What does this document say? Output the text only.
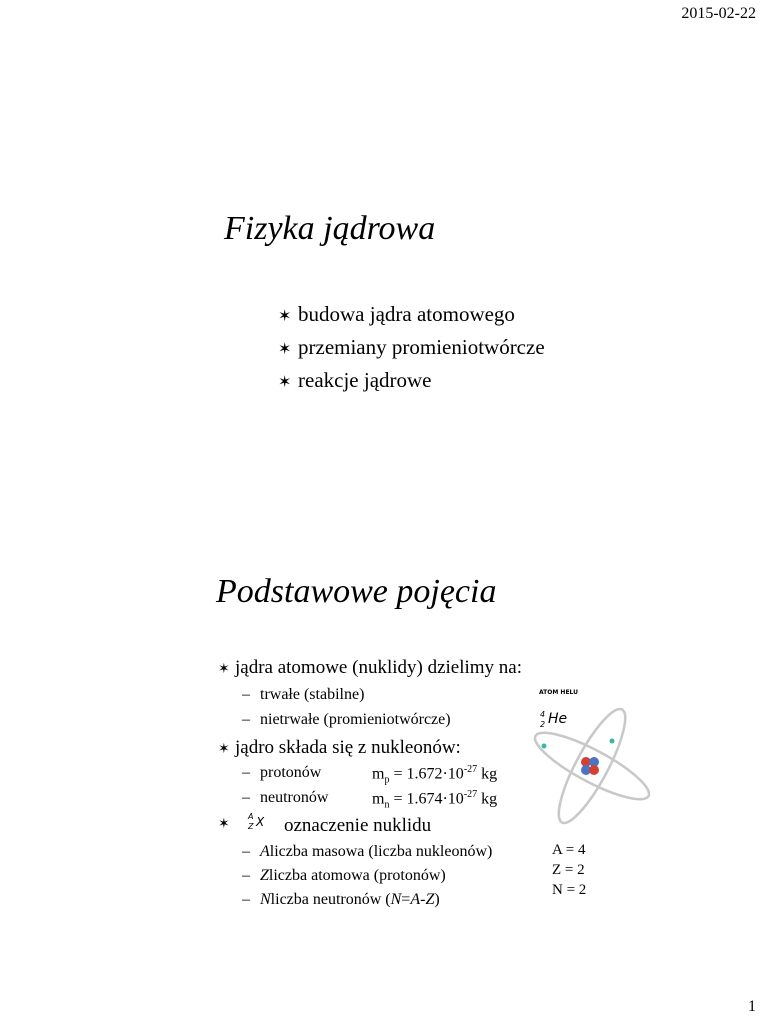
2015-02-22
Fizyka jądrowa
✶ budowa jądra atomowego
✶ przemiany promieniotwórcze
✶ reakcje jądrowe
Podstawowe pojęcia
✶ jądra atomowe (nuklidy) dzielimy na:
– trwałe (stabilne)
– nietrwałe (promieniotwórcze)
✶ jądro składa się z nukleonów:
– protonów	$m_p = 1.672\cdot 10^{-27}$ kg
– neutronów	$m_n = 1.674\cdot 10^{-27}$ kg
✶	A
Z X oznaczenie nuklidu
– A liczba masowa (liczba nukleonów)
– Z liczba atomowa (protonów)
– N liczba neutronów ( N = A - Z )
ATOM HELU
4
2 He
A = 4
Z = 2
N = 2
1
